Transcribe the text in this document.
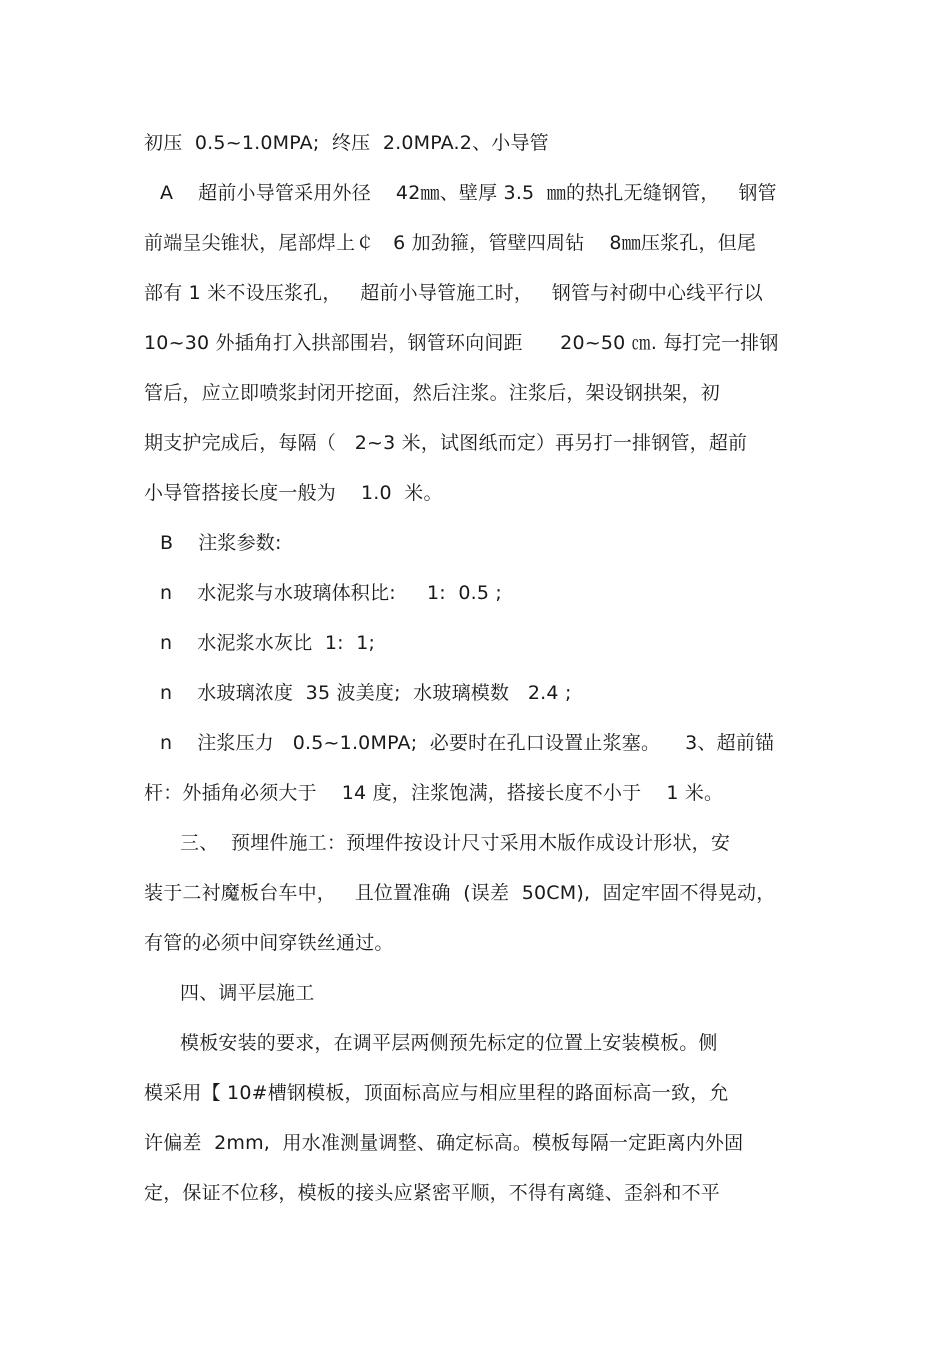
初压  0.5~1.0MPA;  终压  2.0MPA.2、小导管
A    超前小导管采用外径    42㎜、壁厚 3.5  ㎜的热扎无缝钢管，   钢管
前端呈尖锥状，尾部焊上￠   6 加劲箍，管壁四周钻    8㎜压浆孔，但尾
部有 1 米不设压浆孔，   超前小导管施工时，   钢管与衬砌中心线平行以
10~30 外插角打入拱部围岩，钢管环向间距      20~50 ㎝. 每打完一排钢
管后，应立即喷浆封闭开挖面，然后注浆。注浆后，架设钢拱架，初
期支护完成后，每隔（   2~3 米，试图纸而定）再另打一排钢管，超前
小导管搭接长度一般为    1.0  米。
B    注浆参数:
n    水泥浆与水玻璃体积比:     1:  0.5 ;
n    水泥浆水灰比  1:  1;
n    水玻璃浓度  35 波美度;  水玻璃模数   2.4 ;
n    注浆压力   0.5~1.0MPA;  必要时在孔口设置止浆塞。    3、超前锚
杆：外插角必须大于    14 度，注浆饱满，搭接长度不小于    1 米。
三、  预埋件施工：预埋件按设计尺寸采用木版作成设计形状，安
装于二衬魔板台车中，   且位置准确  (误差  50CM),  固定牢固不得晃动，
有管的必须中间穿铁丝通过。
四、调平层施工
模板安装的要求，在调平层两侧预先标定的位置上安装模板。侧
模采用【 10#槽钢模板，顶面标高应与相应里程的路面标高一致，允
许偏差  2mm,  用水准测量调整、确定标高。模板每隔一定距离内外固
定，保证不位移，模板的接头应紧密平顺，不得有离缝、歪斜和不平
